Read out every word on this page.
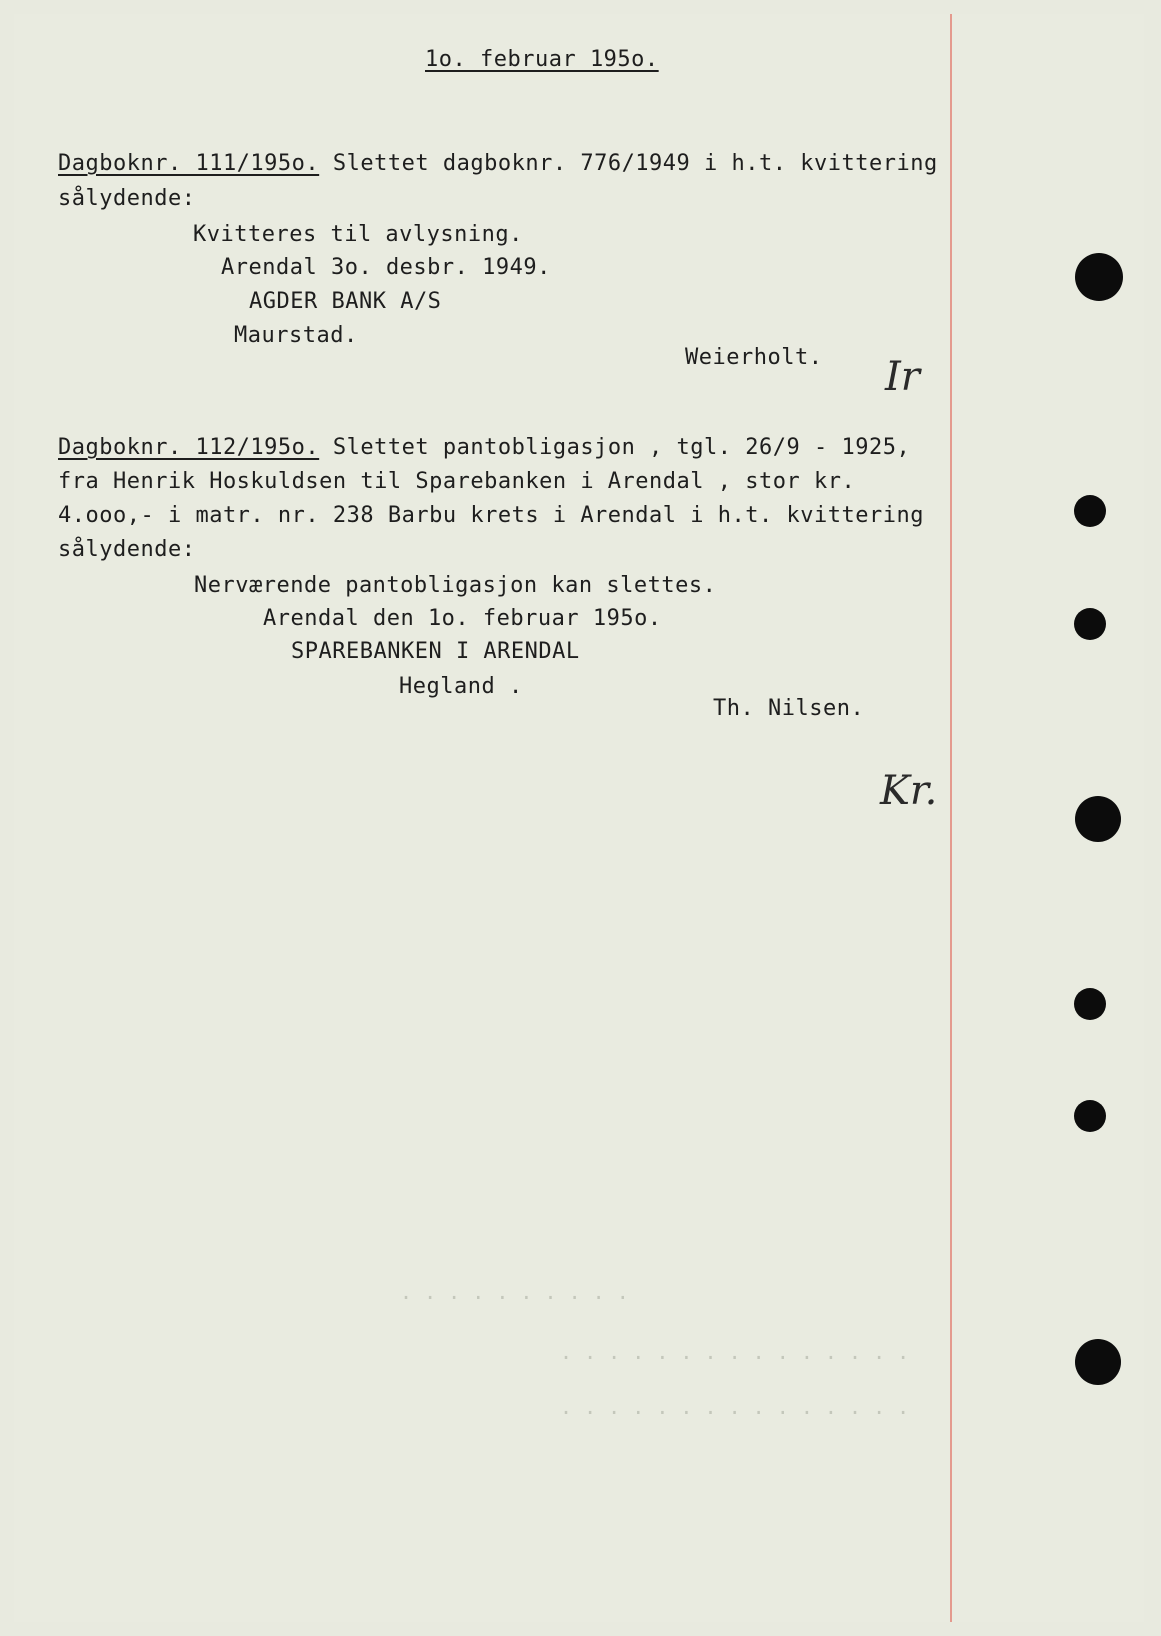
. . . . . . . . . .
. . . . . . . . . . . . . . .
. . . . . . . . . . . . . . .
1o. februar 195o.
Dagboknr. 111/195o. Slettet dagboknr. 776/1949 i h.t. kvittering
sålydende:
Kvitteres til avlysning.
Arendal 3o. desbr. 1949.
AGDER BANK A/S
Maurstad.
Weierholt. Ir
Dagboknr. 112/195o. Slettet pantobligasjon , tgl. 26/9 - 1925,
fra Henrik Hoskuldsen til Sparebanken i Arendal , stor kr.
4.ooo,- i matr. nr. 238 Barbu krets i Arendal i h.t. kvittering
sålydende:
Nerværende pantobligasjon kan slettes.
Arendal den 1o. februar 195o.
SPAREBANKEN I ARENDAL
Hegland .
Th. Nilsen.
Kr.
